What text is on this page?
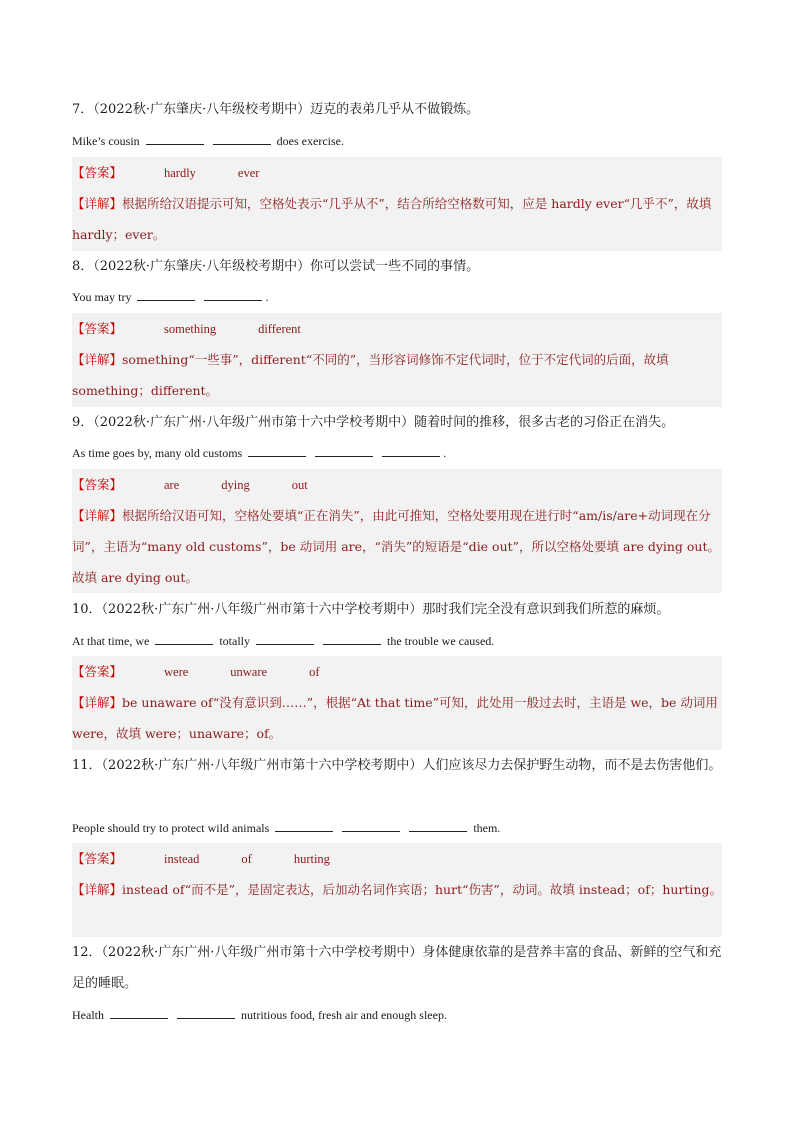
7．（2022秋·广东肇庆·八年级校考期中）迈克的表弟几乎从不做锻炼。
Mike’s cousin	does exercise.
【答案】	hardly	ever
【详解】根据所给汉语提示可知，空格处表示“几乎从不”，结合所给空格数可知，应是 hardly ever“几乎不”，故填 hardly；ever。
8．（2022秋·广东肇庆·八年级校考期中）你可以尝试一些不同的事情。
You may try	.
【答案】	something	different
【详解】something“一些事”，different“不同的”，当形容词修饰不定代词时，位于不定代词的后面，故填 something；different。
9．（2022秋·广东广州·八年级广州市第十六中学校考期中）随着时间的推移，很多古老的习俗正在消失。
As time goes by, many old customs	.
【答案】	are	dying	out
【详解】根据所给汉语可知，空格处要填“正在消失”，由此可推知，空格处要用现在进行时“am/is/are+动词现在分词”，主语为“many old customs”，be 动词用 are，“消失”的短语是“die out”，所以空格处要填 are dying out。故填 are dying out。
10．（2022秋·广东广州·八年级广州市第十六中学校考期中）那时我们完全没有意识到我们所惹的麻烦。
At that time, we	totally	the trouble we caused.
【答案】	were	unware	of
【详解】be unaware of“没有意识到……”，根据“At that time”可知，此处用一般过去时，主语是 we，be 动词用 were，故填 were；unaware；of。
11．（2022秋·广东广州·八年级广州市第十六中学校考期中）人们应该尽力去保护野生动物，而不是去伤害他们。
People should try to protect wild animals	them.
【答案】	instead	of	hurting
【详解】instead of“而不是”，是固定表达，后加动名词作宾语；hurt“伤害”，动词。故填 instead；of；hurting。
12．（2022秋·广东广州·八年级广州市第十六中学校考期中）身体健康依靠的是营养丰富的食品、新鲜的空气和充足的睡眠。
Health	nutritious food, fresh air and enough sleep.
